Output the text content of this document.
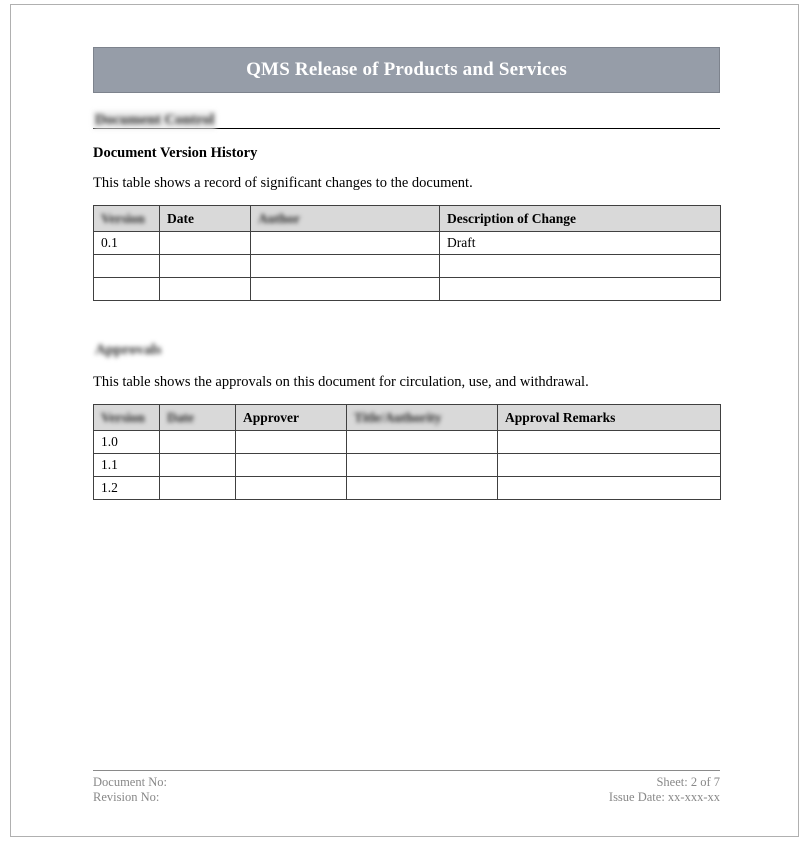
QMS Release of Products and Services
Document Control
Document Version History
This table shows a record of significant changes to the document.
Version	Date	Author	Description of Change
0.1			Draft

Approvals
This table shows the approvals on this document for circulation, use, and withdrawal.
Version	Date	Approver	Title/Authority	Approval Remarks
1.0				
1.1				
1.2				
Document No:
Revision No:
Sheet: 2 of 7
Issue Date: xx-xxx-xx
